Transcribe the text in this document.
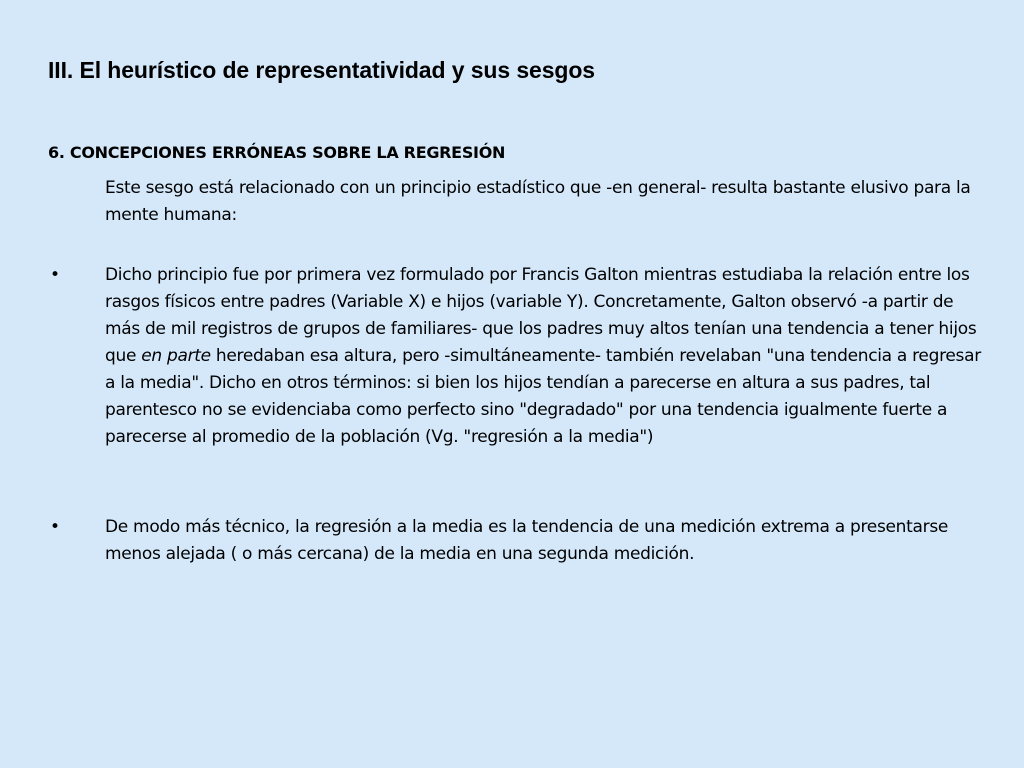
III. El heurístico de representatividad y sus sesgos
6. CONCEPCIONES ERRÓNEAS SOBRE LA REGRESIÓN

Este sesgo está relacionado con un principio estadístico que -en general- resulta bastante elusivo para la mente humana:

•	Dicho principio fue por primera vez formulado por Francis Galton mientras estudiaba la relación entre los rasgos físicos entre padres (Variable X) e hijos (variable Y). Concretamente, Galton observó -a partir de más de mil registros de grupos de familiares- que los padres muy altos tenían una tendencia a tener hijos que en parte heredaban esa altura, pero -simultáneamente- también revelaban "una tendencia a regresar a la media". Dicho en otros términos: si bien los hijos tendían a parecerse en altura a sus padres, tal parentesco no se evidenciaba como perfecto sino "degradado" por una tendencia igualmente fuerte a parecerse al promedio de la población (Vg. "regresión a la media")

•	De modo más técnico, la regresión a la media es la tendencia de una medición extrema a presentarse menos alejada ( o más cercana) de la media en una segunda medición.
